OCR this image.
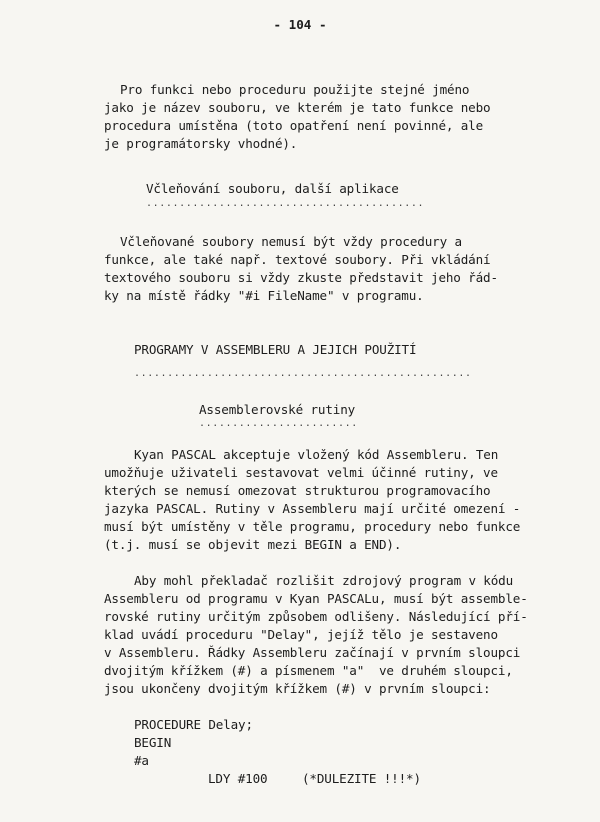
- 104 -
Pro funkci nebo proceduru použijte stejné jméno
jako je název souboru, ve kterém je tato funkce nebo
procedura umístěna (toto opatření není povinné, ale
je programátorsky vhodné).
Včleňování souboru, další aplikace
..........................................
Včleňované soubory nemusí být vždy procedury a
funkce, ale také např. textové soubory. Při vkládání
textového souboru si vždy zkuste představit jeho řád-
ky na místě řádky "#i FileName" v programu.
PROGRAMY V ASSEMBLERU A JEJICH POUŽITÍ
...................................................
Assemblerovské rutiny
........................
Kyan PASCAL akceptuje vložený kód Assembleru. Ten
umožňuje uživateli sestavovat velmi účinné rutiny, ve
kterých se nemusí omezovat strukturou programovacího
jazyka PASCAL. Rutiny v Assembleru mají určité omezení -
musí být umístěny v těle programu, procedury nebo funkce
(t.j. musí se objevit mezi BEGIN a END).
Aby mohl překladač rozlišit zdrojový program v kódu
Assembleru od programu v Kyan PASCALu, musí být assemble-
rovské rutiny určitým způsobem odlišeny. Následující pří-
klad uvádí proceduru "Delay", jejíž tělo je sestaveno
v Assembleru. Řádky Assembleru začínají v prvním sloupci
dvojitým křížkem (#) a písmenem "a"  ve druhém sloupci,
jsou ukončeny dvojitým křížkem (#) v prvním sloupci:
PROCEDURE Delay;
BEGIN
#a
LDY #100	(*DULEZITE !!!*)
